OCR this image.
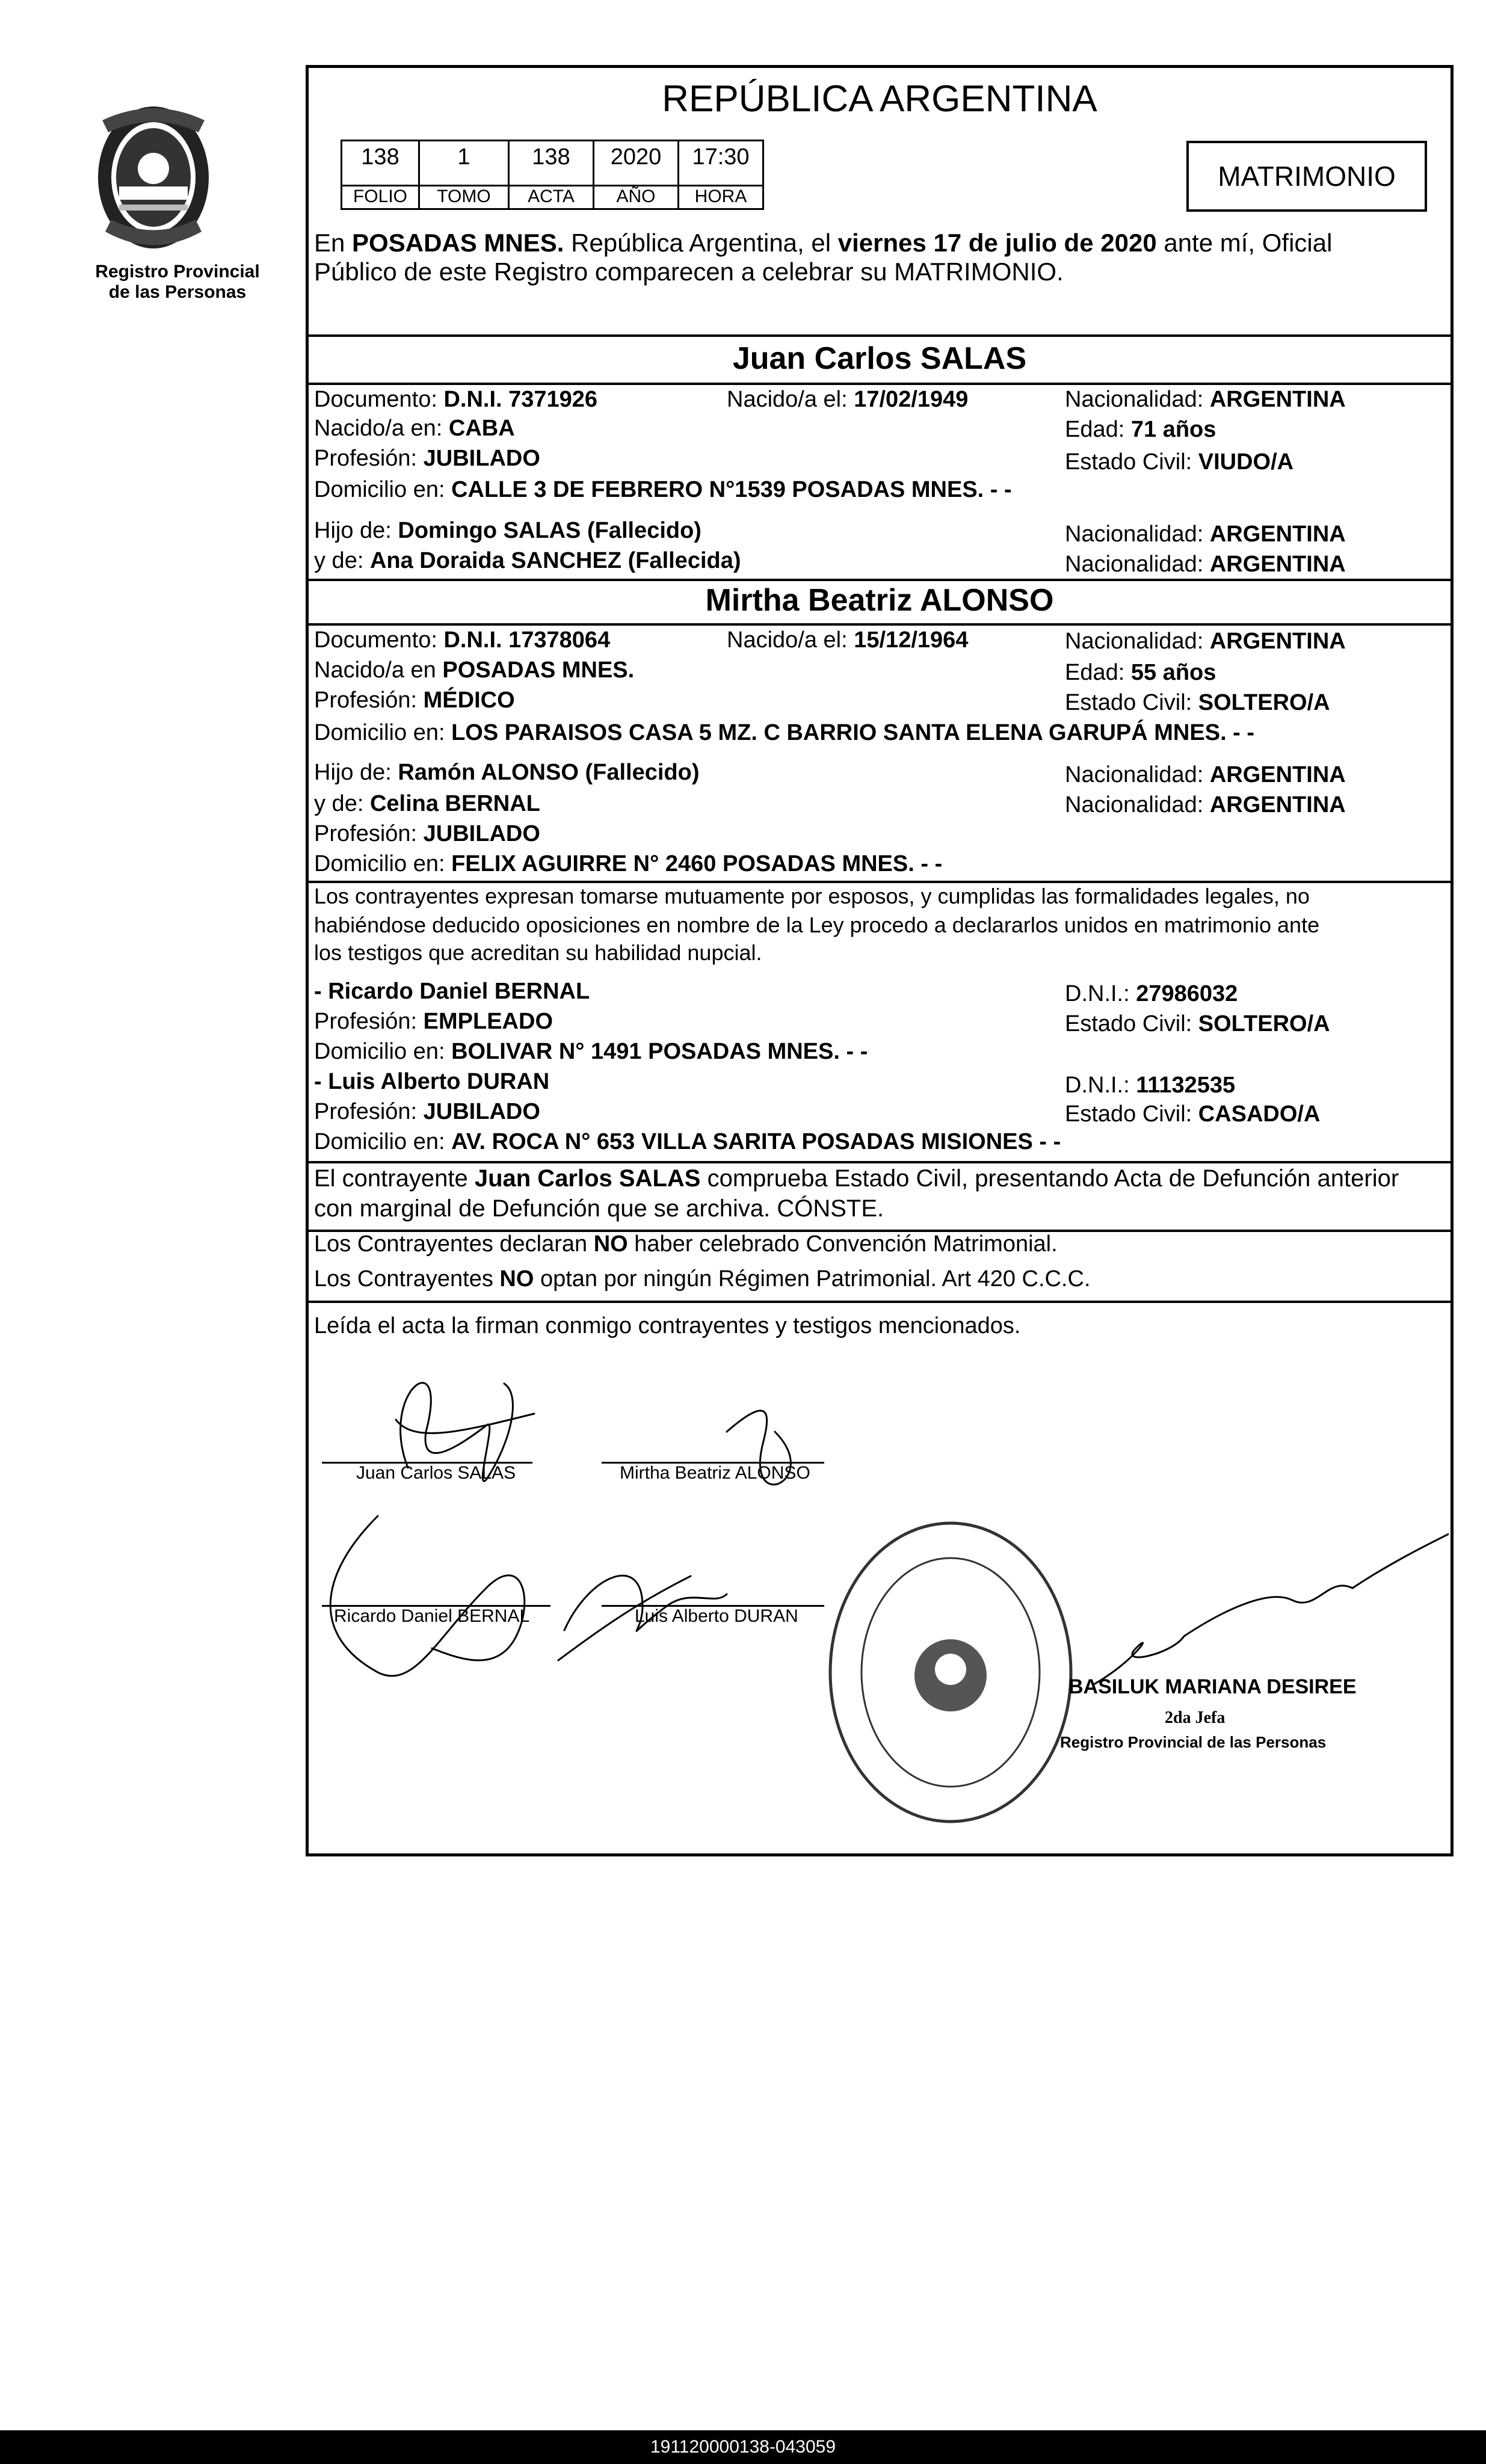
Registro Provincial
de las Personas
REPÚBLICA ARGENTINA
MATRIMONIO
138	1	138	2020	17:30
FOLIO	TOMO	ACTA	AÑO	HORA
En POSADAS MNES. República Argentina, el viernes 17 de julio de 2020 ante mí, Oficial
Público de este Registro comparecen a celebrar su MATRIMONIO.
Juan Carlos SALAS
Documento: D.N.I. 7371926	Nacido/a el: 17/02/1949	Nacionalidad: ARGENTINA
Nacido/a en: CABA	Edad: 71 años
Profesión: JUBILADO	Estado Civil: VIUDO/A
Domicilio en: CALLE 3 DE FEBRERO N°1539 POSADAS MNES. - -
Hijo de: Domingo SALAS (Fallecido)	Nacionalidad: ARGENTINA
y de: Ana Doraida SANCHEZ (Fallecida)	Nacionalidad: ARGENTINA
Mirtha Beatriz ALONSO
Documento: D.N.I. 17378064	Nacido/a el: 15/12/1964	Nacionalidad: ARGENTINA
Nacido/a en POSADAS MNES.	Edad: 55 años
Profesión: MÉDICO	Estado Civil: SOLTERO/A
Domicilio en: LOS PARAISOS CASA 5 MZ. C BARRIO SANTA ELENA GARUPÁ MNES. - -
Hijo de: Ramón ALONSO (Fallecido)	Nacionalidad: ARGENTINA
y de: Celina BERNAL	Nacionalidad: ARGENTINA
Profesión: JUBILADO
Domicilio en: FELIX AGUIRRE N° 2460 POSADAS MNES. - -
Los contrayentes expresan tomarse mutuamente por esposos, y cumplidas las formalidades legales, no
habiéndose deducido oposiciones en nombre de la Ley procedo a declararlos unidos en matrimonio ante
los testigos que acreditan su habilidad nupcial.
- Ricardo Daniel BERNAL	D.N.I.: 27986032
Profesión: EMPLEADO	Estado Civil: SOLTERO/A
Domicilio en: BOLIVAR N° 1491 POSADAS MNES. - -
- Luis Alberto DURAN	D.N.I.: 11132535
Profesión: JUBILADO	Estado Civil: CASADO/A
Domicilio en: AV. ROCA N° 653 VILLA SARITA POSADAS MISIONES - -
El contrayente Juan Carlos SALAS comprueba Estado Civil, presentando Acta de Defunción anterior
con marginal de Defunción que se archiva. CÓNSTE.
Los Contrayentes declaran NO haber celebrado Convención Matrimonial.
Los Contrayentes NO optan por ningún Régimen Patrimonial. Art 420 C.C.C.
Leída el acta la firman conmigo contrayentes y testigos mencionados.
Juan Carlos SALAS	Mirtha Beatriz ALONSO
Ricardo Daniel BERNAL	Luis Alberto DURAN
BASILUK MARIANA DESIREE
2da Jefa
Registro Provincial de las Personas
191120000138-043059
